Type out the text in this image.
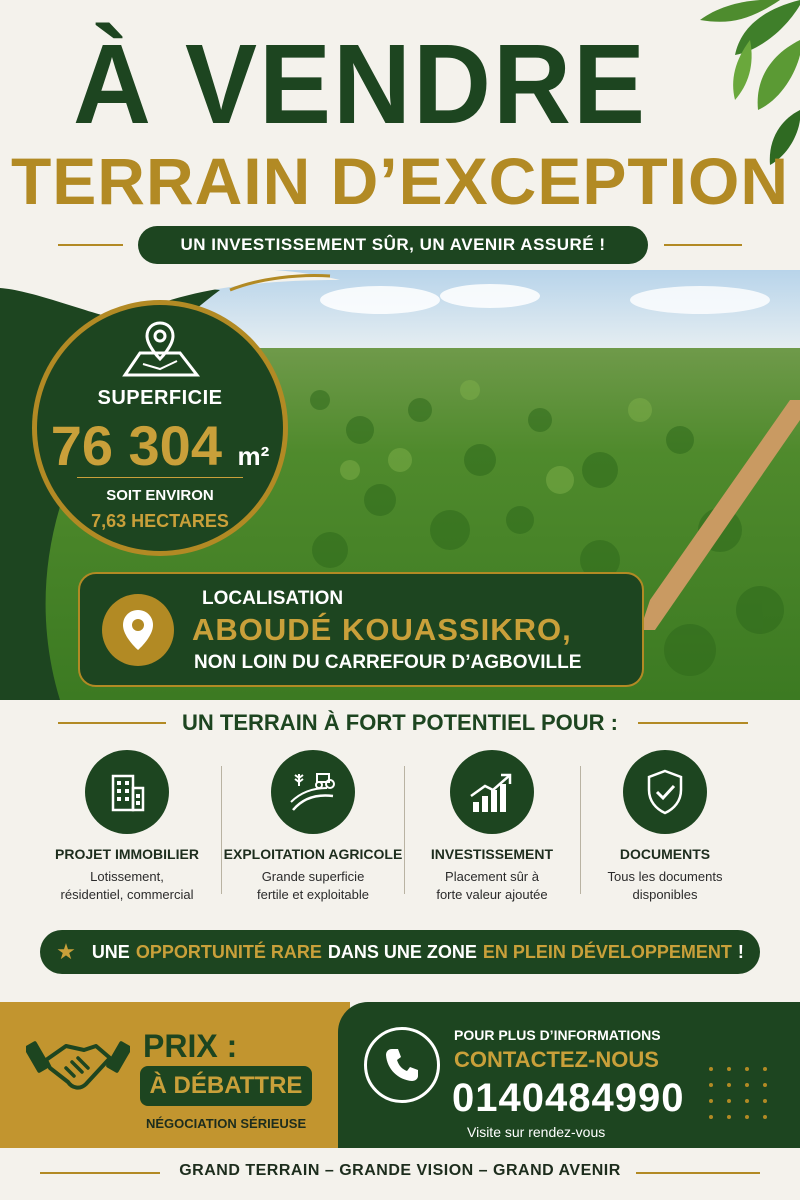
À VENDRE
TERRAIN D’EXCEPTION
UN INVESTISSEMENT SÛR, UN AVENIR ASSURÉ !
SUPERFICIE
76 304 m²
SOIT ENVIRON
7,63 HECTARES
LOCALISATION
ABOUDÉ KOUASSIKRO,
NON LOIN DU CARREFOUR D’AGBOVILLE
UN TERRAIN À FORT POTENTIEL POUR :
PROJET IMMOBILIER
Lotissement,
résidentiel, commercial
EXPLOITATION AGRICOLE
Grande superficie
fertile et exploitable
INVESTISSEMENT
Placement sûr à
forte valeur ajoutée
DOCUMENTS
Tous les documents
disponibles
★ UNE OPPORTUNITÉ RARE DANS UNE ZONE EN PLEIN DÉVELOPPEMENT !
PRIX :
À DÉBATTRE
NÉGOCIATION SÉRIEUSE
POUR PLUS D’INFORMATIONS
CONTACTEZ-NOUS
0140484990
Visite sur rendez-vous
GRAND TERRAIN – GRANDE VISION – GRAND AVENIR
